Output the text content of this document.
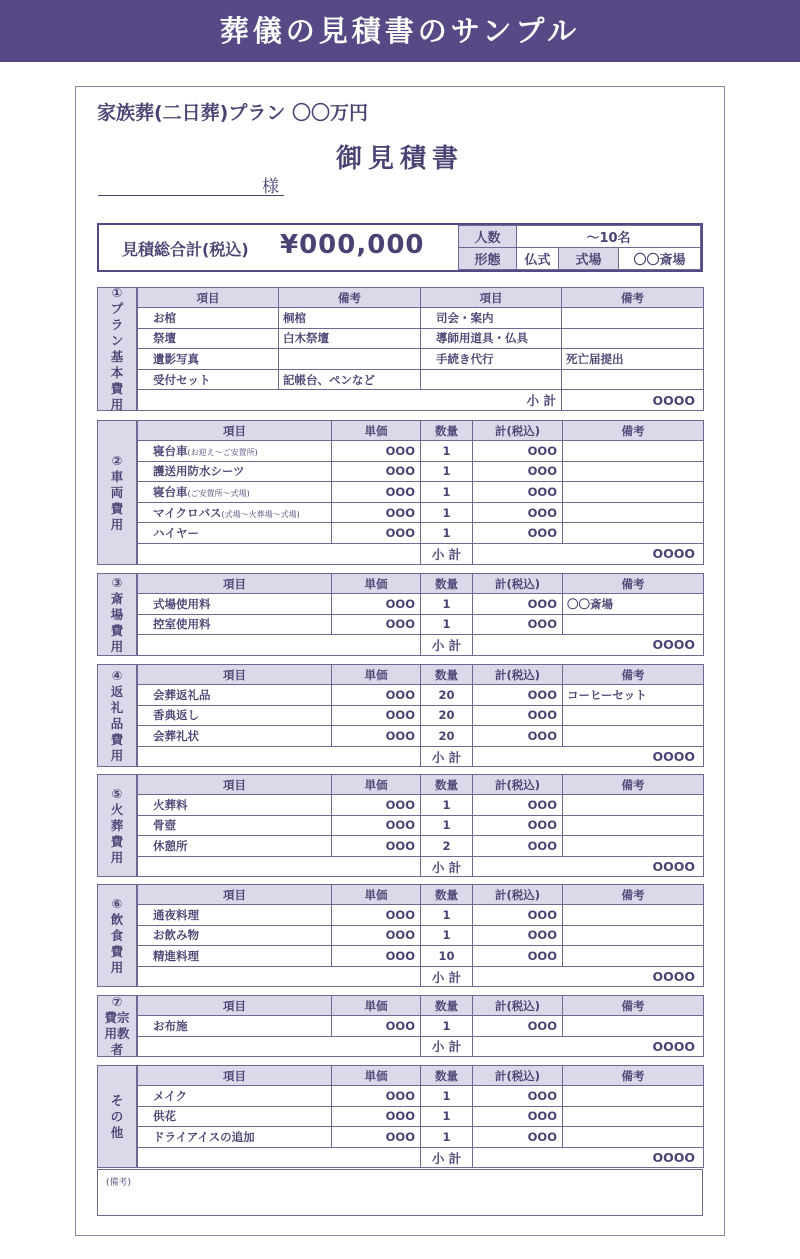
葬儀の見積書のサンプル
家族葬(二日葬)プラン 〇〇万円
御見積書
様
見積総合計(税込) ¥000,000	人数	〜10名		
形態	仏式	式場	〇〇斎場
①
プ
ラ
ン
基
本
費
用
項目	備考	項目	備考
お棺	桐棺	司会・案内	
祭壇	白木祭壇	導師用道具・仏具	
遺影写真		手続き代行	死亡届提出
受付セット	記帳台、ペンなど		
小 計			OOOO
②
車
両
費
用
項目	単価	数量	計(税込)	備考
寝台車(お迎え〜ご安置所)	OOO	1	OOO	
護送用防水シーツ	OOO	1	OOO	
寝台車(ご安置所〜式場)	OOO	1	OOO	
マイクロバス(式場〜火葬場〜式場)	OOO	1	OOO	
ハイヤー	OOO	1	OOO	
		小 計	OOOO	
③
斎
場
費
用
項目	単価	数量	計(税込)	備考
式場使用料	OOO	1	OOO	〇〇斎場
控室使用料	OOO	1	OOO	
		小 計	OOOO	
④
返
礼
品
費
用
項目	単価	数量	計(税込)	備考
会葬返礼品	OOO	20	OOO	コーヒーセット
香典返し	OOO	20	OOO	
会葬礼状	OOO	20	OOO	
		小 計	OOOO	
⑤
火
葬
費
用
項目	単価	数量	計(税込)	備考
火葬料	OOO	1	OOO	
骨壺	OOO	1	OOO	
休憩所	OOO	2	OOO	
		小 計	OOOO	
⑥
飲
食
費
用
項目	単価	数量	計(税込)	備考
通夜料理	OOO	1	OOO	
お飲み物	OOO	1	OOO	
精進料理	OOO	10	OOO	
		小 計	OOOO	
⑦
費宗
用教
者
項目	単価	数量	計(税込)	備考
お布施	OOO	1	OOO	
		小 計	OOOO	
そ
の
他
項目	単価	数量	計(税込)	備考
メイク	OOO	1	OOO	
供花	OOO	1	OOO	
ドライアイスの追加	OOO	1	OOO	
		小 計	OOOO	
(備考)
